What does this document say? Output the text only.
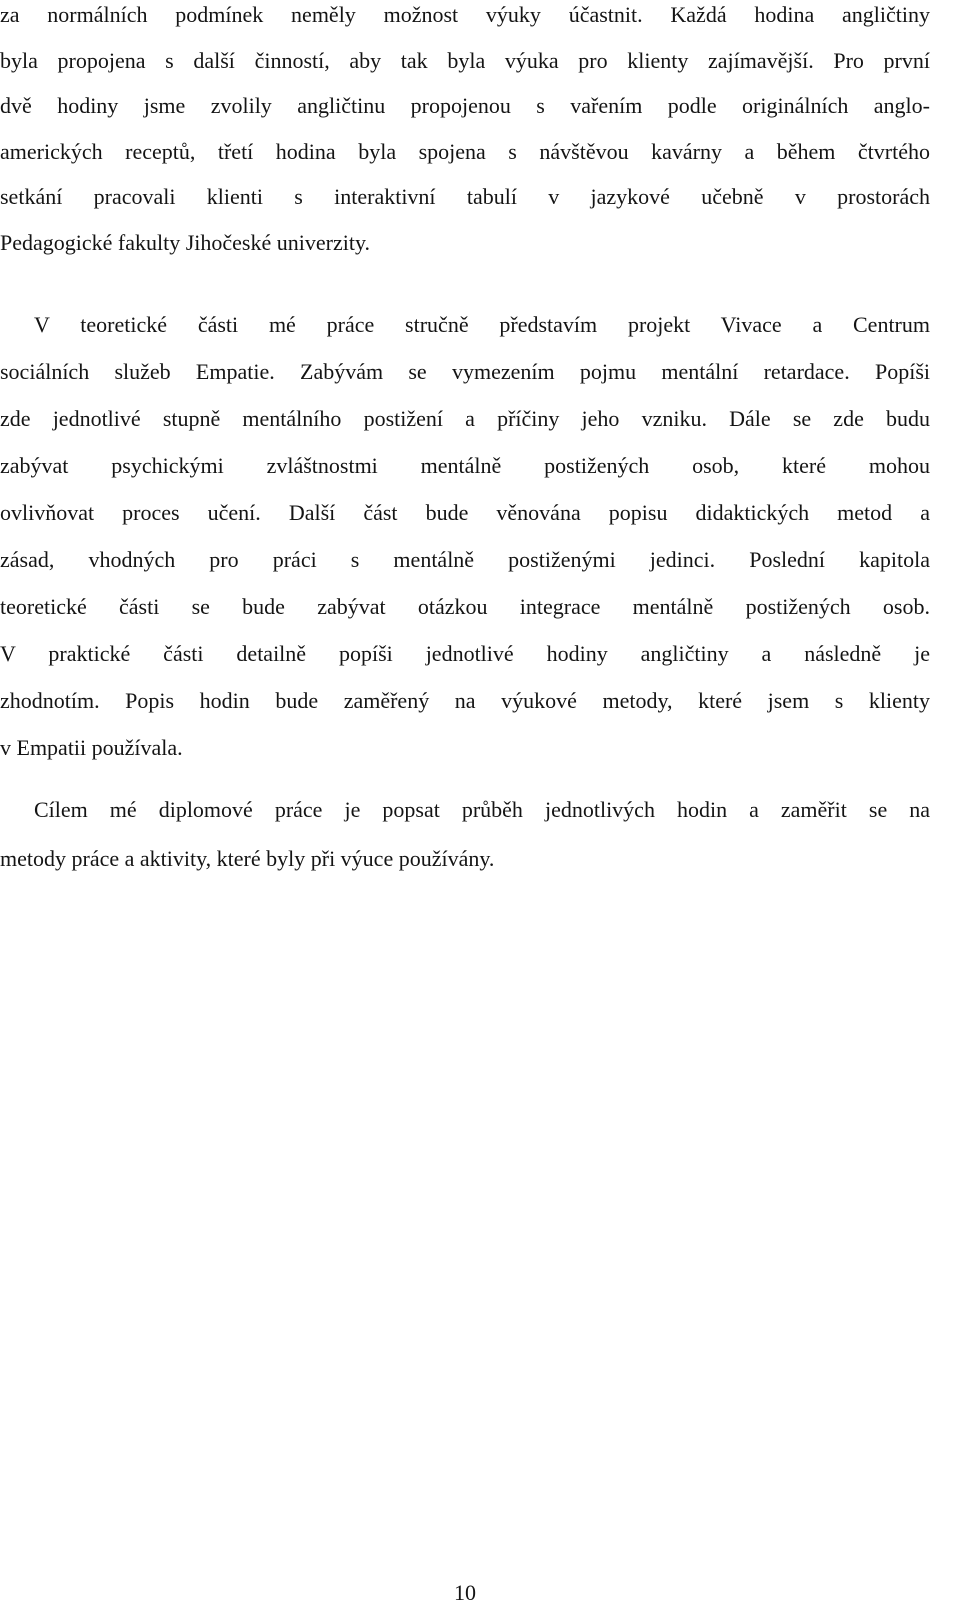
za normálních podmínek neměly možnost výuky účastnit. Každá hodina angličtiny
byla propojena s další činností, aby tak byla výuka pro klienty zajímavější. Pro první
dvě hodiny jsme zvolily angličtinu propojenou s vařením podle originálních anglo-
amerických receptů, třetí hodina byla spojena s návštěvou kavárny a během čtvrtého
setkání pracovali klienti s interaktivní tabulí v jazykové učebně v prostorách
Pedagogické fakulty Jihočeské univerzity.
V teoretické části mé práce stručně představím projekt Vivace a Centrum
sociálních služeb Empatie. Zabývám se vymezením pojmu mentální retardace. Popíši
zde jednotlivé stupně mentálního postižení a příčiny jeho vzniku. Dále se zde budu
zabývat psychickými zvláštnostmi mentálně postižených osob, které mohou
ovlivňovat proces učení. Další část bude věnována popisu didaktických metod a
zásad, vhodných pro práci s mentálně postiženými jedinci. Poslední kapitola
teoretické části se bude zabývat otázkou integrace mentálně postižených osob.
V praktické části detailně popíši jednotlivé hodiny angličtiny a následně je
zhodnotím. Popis hodin bude zaměřený na výukové metody, které jsem s klienty
v Empatii používala.
Cílem mé diplomové práce je popsat průběh jednotlivých hodin a zaměřit se na
metody práce a aktivity, které byly při výuce používány.
10
